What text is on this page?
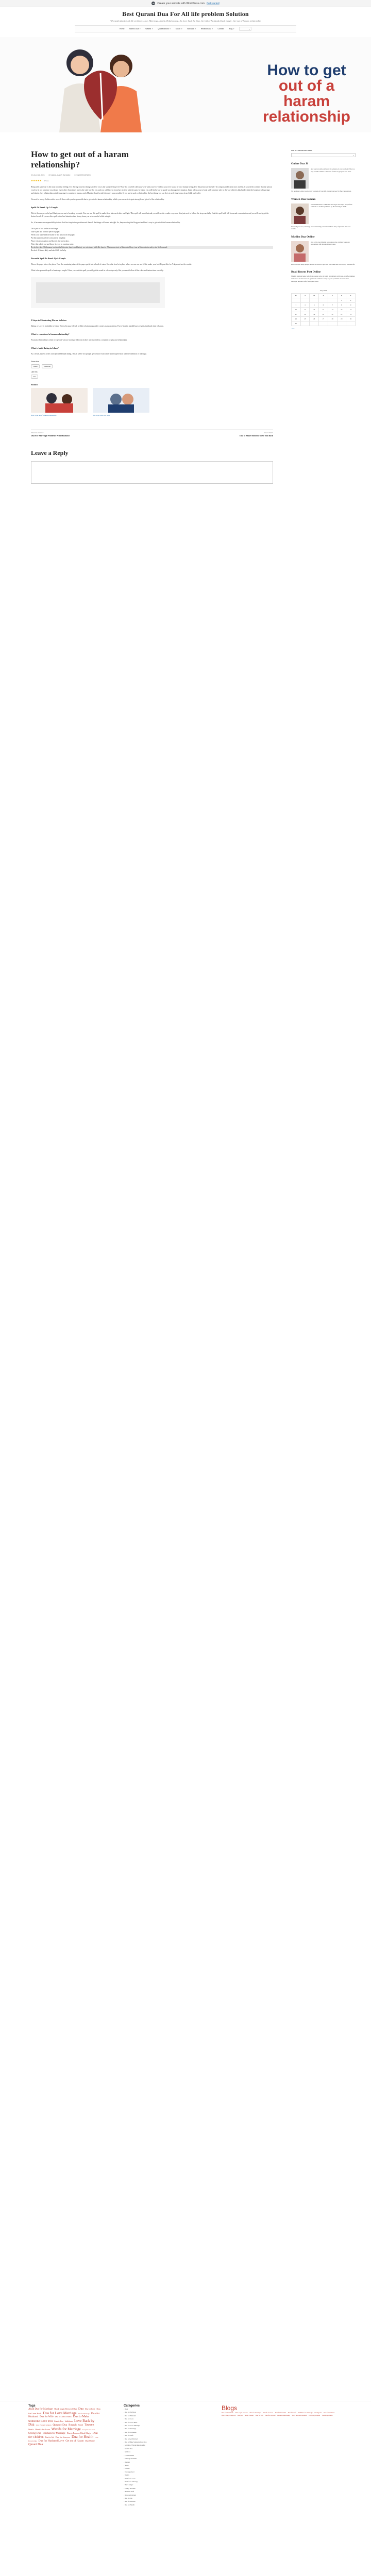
W	Create your website with WordPress.com Get started
Best Qurani Dua For All life problem Solution
All wazifa dua for all life problem: Love, Marriage, family, Relationship, Ex Love back by Dua, Get rid of Kalajadu black magic, Get out of haram relationship
Home	Islamic Dua▼	Wazifa▼	Qualifications▼	Surah▼	Istikhara▼	Relationship▼	Contact	Blog▼	⌕
How to get
out of a
haram
relationship
How to get out of a haram relationship?
ON JULY 21, 2023	BY ABDUL QADIR RAHMANI	IN UNCATEGORIZED
★★★★★ 0 Votes

Being with someone is the most beautiful feeling ever. Saying your first thing is to love you is the worst feeling ever? How did you feel when you were with your Ex? Did not you see it was a lie once human beings love the person are already? It is important because once and for all you need to realize that the person you love is not someone you should chase after. Sometimes love is the only one for you and you will have to learn how to deal with the pain. In Islam, you will find a way to guide you through this situation. Islam allows you to bond with someone only in the way which is halal and within the boundary of marriage and shariat. Any relationship outside marriage is considered haram, and a Muslim should avoid it in every way possible. If you are in such a relationship, the best thing you can do is to seek forgiveness from Allah and end it.

No need to worry. In this article we will share with you the powerful dua to get out of a haram relationship, which you can recite to gain strength and get rid of the relationship.

Spells To Break Up A Couple

This is the one powerful spell that you can use to break up a couple. You can use this spell to make them hate each other and fight. This spell will work fast and you will see the results very soon. You just need to follow the steps carefully. Cast this spell with full focus and concentration and you will surely get the desired result. If you use this spell with a bad intention then it may harm you so be careful while using it.

So, it becomes our responsibility to take that first step in this problem and then all the things will come out right. So, keep reading this blog post and find a way to get out of this haram relationship.

Get a pair of old socks or stockings.
Take a pen and a white piece of paper.
Write your name and the name of the person on the paper.
Put the paper inside the sock and tie it tightly.
Place it in a dark place and leave it for seven days.
After that take it out and throw it away in running water.
Recite this dua: Allahumma inni a'udhu bika min sharri ma khalaqt, wa min sharri kulli dhi sharrin. Allahumma inni as'aluka min khayri ma sa'alaka minhu nabiyyuka Muhammad.
Recite it 11 times daily and ask Allah for help.
Powerful Spell To Break Up A Couple

Throw the paper into a fire place. Now the remaining ashes of the paper put it into a bowl of water. Keep the bowl at a place where no one can see it, like under your bed. Repeat this for 7 days and see the results.

What is the powerful spell to break up a couple? Once you cast this spell you will get the result in a few days only. But you must follow all the rules and instructions carefully.

3 Steps to Eliminating Haram in Islam

Dating or Love is forbidden in Islam. This is because it leads to illicit relationships and it creates many problems. Every Muslim should know what is halal and what is haram.

What is considered a haram relationship?

A haram relationship is when two people who are not married to each other are involved in a romantic or physical relationship.

What is halal dating in Islam?

As a result, there is a new concept called halal dating. This is where two people get to know each other under supervision with the intention of marriage.

Share this:
Twitter	Facebook
Like this:
Like
Related
How to get out of a haram relationship	Dua to get your love back
PREVIOUS POST
Dua For Marriage Problems With Husband
NEXT POST
Dua to Make Someone Love You Back
Leave a Reply
ASK ALLAH FOR ANYTHING
⌕
Online Dua Ji
Are you in trouble and want the solution of your problem? Dua is a way to talk to Allah. Contact us for dua to get your love back.
We are here to help you in every problem of your life. Contact us now for free consultation.
Women Dua Guidan
Muslim Maulana is a Muslim astrologer who helps people find solutions to all their problems by the blessing of Allah.
Solve all your love, marriage and relationship problems with the help of Quranic duas and wazifa.
Muslim Dua Online
One of the best Muslim astrologers who can help you solve problems in life through Islamic duas.
He has helped many people around the world to get their love back and live a happy married life.
Read Recent Post Online
Muslim spiritual healer who helps people solve all kinds of problems with duas, wazifa, istikhara and taweez. Contact now to get instant solution for any of your problems related to love, marriage, husband wife, family and more.
July 2023
M	T	W	T	F	S	S
					1	2
3	4	5	6	7	8	9
10	11	12	13	14	15	16
17	18	19	20	21	22	23
24	25	26	27	28	29	30
31						
« Jun
Tags
Allah Dua for Marriage Black Magic Removal Dua Dua Dua for Love Dua for Love Back Dua for Love Marriage Dua for Marriage Dua for Husband Dua for Wife Dua to Get Ex Back Dua to Make Someone Love You Islamic Dua Istikhara Love Back by Dua Love Problem Solution Quranic Dua Ruqyah Surah Taweez Wazifa Wazifa for Love Wazifa for Marriage Get your love back Strong Dua Istikhara for Marriage Dua to Remove Black Magic Dua for Children Dua for Job Dua for Success Dua for Health Love Back by Dua Dua for Husband Love Get out of Haram Dua Online Qurani Dua
Categories
› Blog
› Dua for Ex Back
› Dua for Husband
› Dua for Love
› Dua for Love Back
› Dua for Love Marriage
› Dua for Marriage
› Dua for Problems
› Dua for Wife
› Dua to Get Married
› Dua to Make Someone Love You
› Get Out of Haram Relationship
› Islamic Dua
› Istikhara
› Love Problem
› Marriage Problem
› Ruqyah
› Surah
› Taweez
› Uncategorized
› Wazifa
› Wazifa for Love
› Wazifa for Marriage
› Black Magic
› Family Problem
› Husband Wife
› Divorce Problem
› Dua for Job
› Dua for Success
› Dua for Health
Blogs
Dua for love back Dua to get ex back Dua for marriage Wazifa for love Dua for husband Dua for wife Istikhara for marriage Strong dua Dua for children Black magic removal Ruqyah Surah Yaseen Dua for job Dua for success Haram relationship Love problem solution Divorce problem Family problem
